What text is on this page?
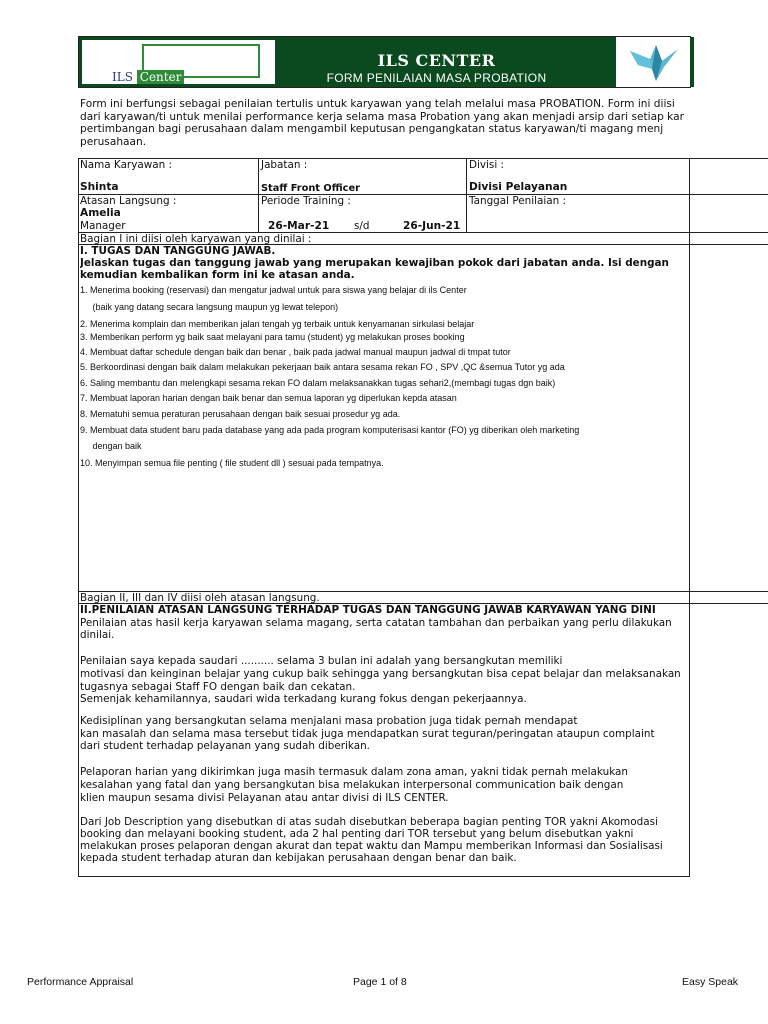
ILS Center
ILS CENTER
FORM PENILAIAN MASA PROBATION
Form ini berfungsi sebagai penilaian tertulis untuk karyawan yang telah melalui masa PROBATION. Form ini diisi
dari karyawan/ti untuk menilai performance kerja selama masa Probation yang akan menjadi arsip dari setiap kar
pertimbangan bagi perusahaan dalam mengambil keputusan pengangkatan status karyawan/ti magang menj
perusahaan.
Nama Karyawan :
Shinta
Jabatan :
Staff Front Officer
Divisi :
Divisi Pelayanan
Atasan Langsung :
Amelia
Manager
Periode Training :
26-Mar-21 s/d	26-Jun-21
Tanggal Penilaian :
Bagian I ini diisi oleh karyawan yang dinilai :
I. TUGAS DAN TANGGUNG JAWAB.
Jelaskan tugas dan tanggung jawab yang merupakan kewajiban pokok dari jabatan anda. Isi dengan
kemudian kembalikan form ini ke atasan anda.
1. Menerima booking (reservasi) dan mengatur jadwal untuk para siswa yang belajar di ils Center
(baik yang datang secara langsung maupun yg lewat telepon)
2. Menerima komplain dan memberikan jalan tengah yg terbaik untuk kenyamanan sirkulasi belajar
3. Memberikan perform yg baik saat melayani para tamu (student) yg melakukan proses booking
4. Membuat daftar schedule dengan baik dan benar , baik pada jadwal manual maupun jadwal di tmpat tutor
5. Berkoordinasi dengan baik dalam melakukan pekerjaan baik antara sesama rekan FO , SPV ,QC &semua Tutor yg ada
6. Saling membantu dan melengkapi sesama rekan FO dalam melaksanakkan tugas sehari2,(membagi tugas dgn baik)
7. Membuat laporan harian dengan baik benar dan semua laporan yg diperlukan kepda atasan
8. Mematuhi semua peraturan perusahaan dengan baik sesuai prosedur yg ada.
9. Membuat data student baru pada database yang ada pada program komputerisasi kantor (FO) yg diberikan oleh marketing
dengan baik
10. Menyimpan semua file penting ( file student dll ) sesuai pada tempatnya.
Bagian II, III dan IV diisi oleh atasan langsung.
II.PENILAIAN ATASAN LANGSUNG TERHADAP TUGAS DAN TANGGUNG JAWAB KARYAWAN YANG DINI
Penilaian atas hasil kerja karyawan selama magang, serta catatan tambahan dan perbaikan yang perlu dilakukan
dinilai.
Penilaian saya kepada saudari .......... selama 3 bulan ini adalah yang bersangkutan memiliki
motivasi dan keinginan belajar yang cukup baik sehingga yang bersangkutan bisa cepat belajar dan melaksanakan
tugasnya sebagai Staff FO dengan baik dan cekatan.
Semenjak kehamilannya, saudari wida terkadang kurang fokus dengan pekerjaannya.
Kedisiplinan yang bersangkutan selama menjalani masa probation juga tidak pernah mendapat
kan masalah dan selama masa tersebut tidak juga mendapatkan surat teguran/peringatan ataupun complaint
dari student terhadap pelayanan yang sudah diberikan.
Pelaporan harian yang dikirimkan juga masih termasuk dalam zona aman, yakni tidak pernah melakukan
kesalahan yang fatal dan yang bersangkutan bisa melakukan interpersonal communication baik dengan
klien maupun sesama divisi Pelayanan atau antar divisi di ILS CENTER.
Dari Job Description yang disebutkan di atas sudah disebutkan beberapa bagian penting TOR yakni Akomodasi
booking dan melayani booking student, ada 2 hal penting dari TOR tersebut yang belum disebutkan yakni
melakukan proses pelaporan dengan akurat dan tepat waktu dan Mampu memberikan Informasi dan Sosialisasi
kepada student terhadap aturan dan kebijakan perusahaan dengan benar dan baik.
Performance Appraisal	Page 1 of 8	Easy Speak
